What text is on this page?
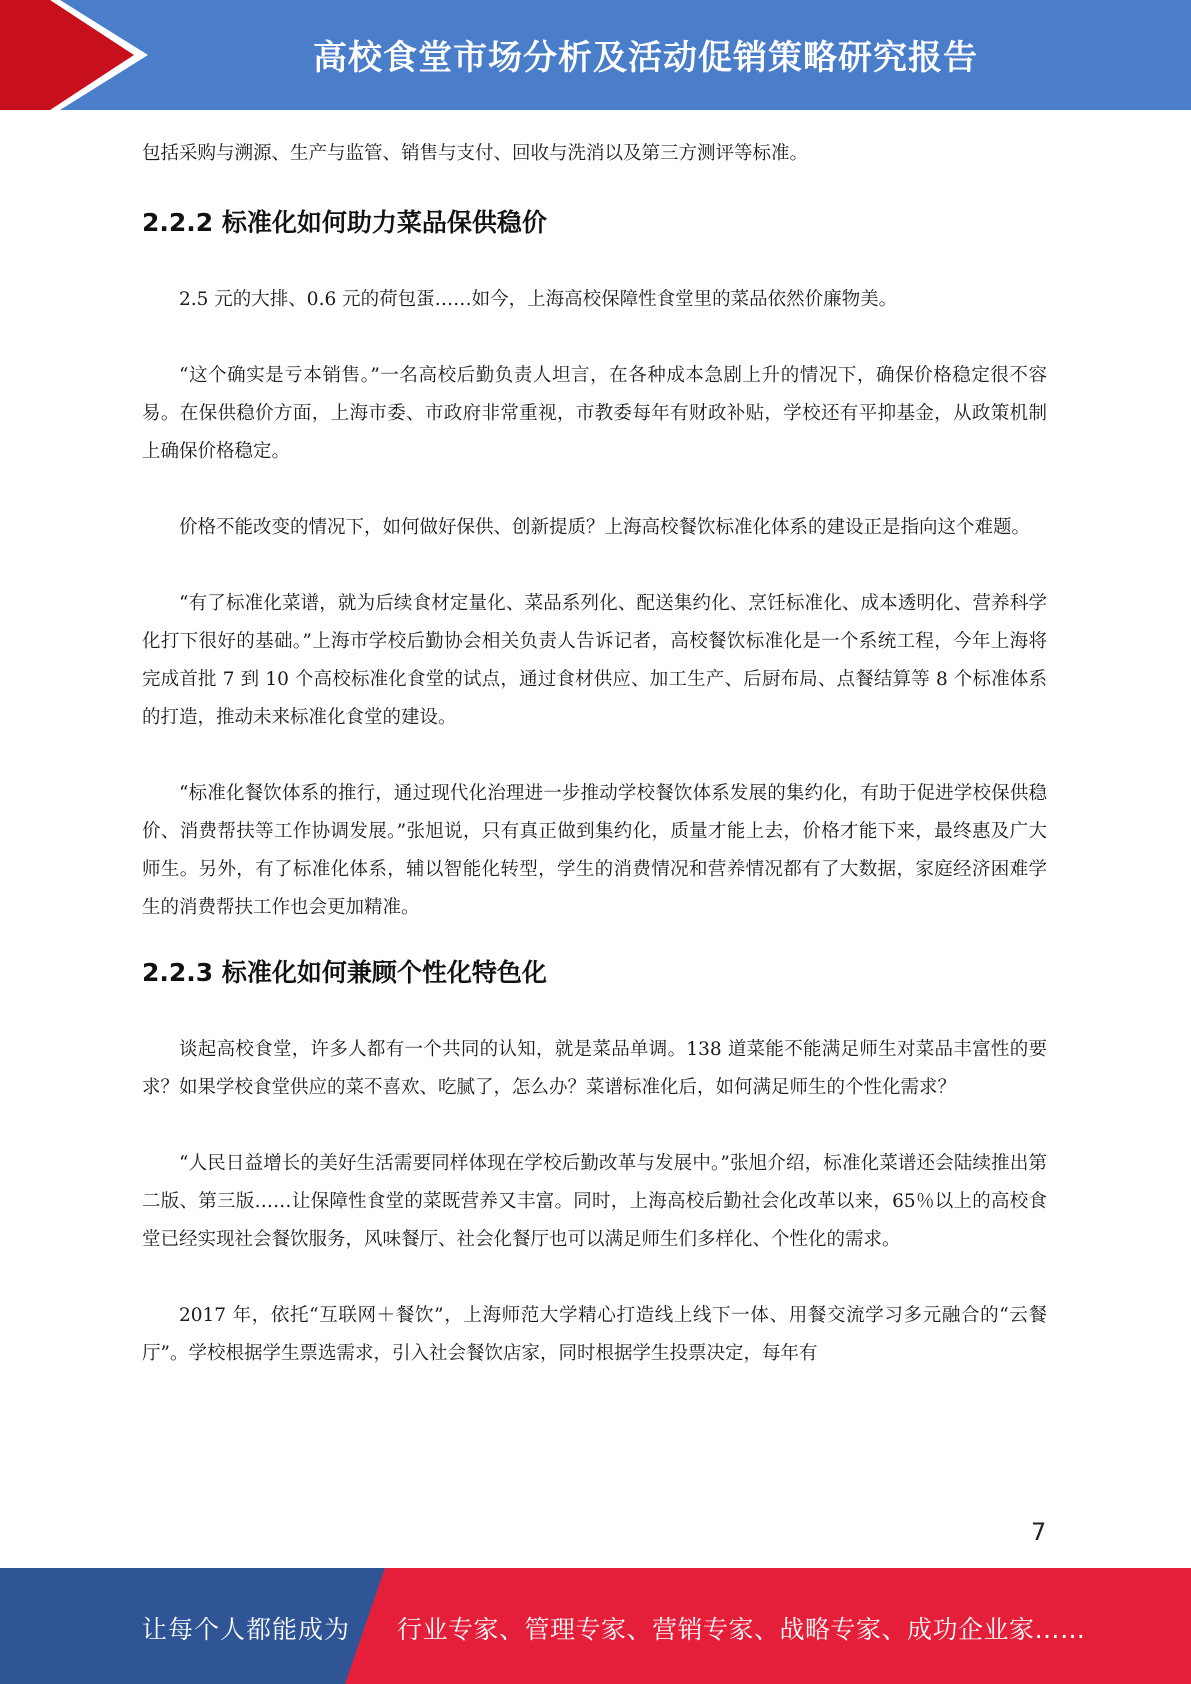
高校食堂市场分析及活动促销策略研究报告

包括采购与溯源、生产与监管、销售与支付、回收与洗消以及第三方测评等标准。

2.2.2 标准化如何助力菜品保供稳价

2.5 元的大排、0.6 元的荷包蛋……如今，上海高校保障性食堂里的菜品依然价廉物美。

“这个确实是亏本销售。”一名高校后勤负责人坦言，在各种成本急剧上升的情况下，确保价格稳定很不容易。在保供稳价方面，上海市委、市政府非常重视，市教委每年有财政补贴，学校还有平抑基金，从政策机制上确保价格稳定。

价格不能改变的情况下，如何做好保供、创新提质？上海高校餐饮标准化体系的建设正是指向这个难题。

“有了标准化菜谱，就为后续食材定量化、菜品系列化、配送集约化、烹饪标准化、成本透明化、营养科学化打下很好的基础。”上海市学校后勤协会相关负责人告诉记者，高校餐饮标准化是一个系统工程，今年上海将完成首批 7 到 10 个高校标准化食堂的试点，通过食材供应、加工生产、后厨布局、点餐结算等 8 个标准体系的打造，推动未来标准化食堂的建设。

“标准化餐饮体系的推行，通过现代化治理进一步推动学校餐饮体系发展的集约化，有助于促进学校保供稳价、消费帮扶等工作协调发展。”张旭说，只有真正做到集约化，质量才能上去，价格才能下来，最终惠及广大师生。另外，有了标准化体系，辅以智能化转型，学生的消费情况和营养情况都有了大数据，家庭经济困难学生的消费帮扶工作也会更加精准。

2.2.3 标准化如何兼顾个性化特色化

谈起高校食堂，许多人都有一个共同的认知，就是菜品单调。138 道菜能不能满足师生对菜品丰富性的要求？如果学校食堂供应的菜不喜欢、吃腻了，怎么办？菜谱标准化后，如何满足师生的个性化需求？

“人民日益增长的美好生活需要同样体现在学校后勤改革与发展中。”张旭介绍，标准化菜谱还会陆续推出第二版、第三版……让保障性食堂的菜既营养又丰富。同时，上海高校后勤社会化改革以来，65％以上的高校食堂已经实现社会餐饮服务，风味餐厅、社会化餐厅也可以满足师生们多样化、个性化的需求。

2017 年，依托“互联网＋餐饮”，上海师范大学精心打造线上线下一体、用餐交流学习多元融合的“云餐厅”。学校根据学生票选需求，引入社会餐饮店家，同时根据学生投票决定，每年有

7
让每个人都能成为 行业专家、管理专家、营销专家、战略专家、成功企业家……
